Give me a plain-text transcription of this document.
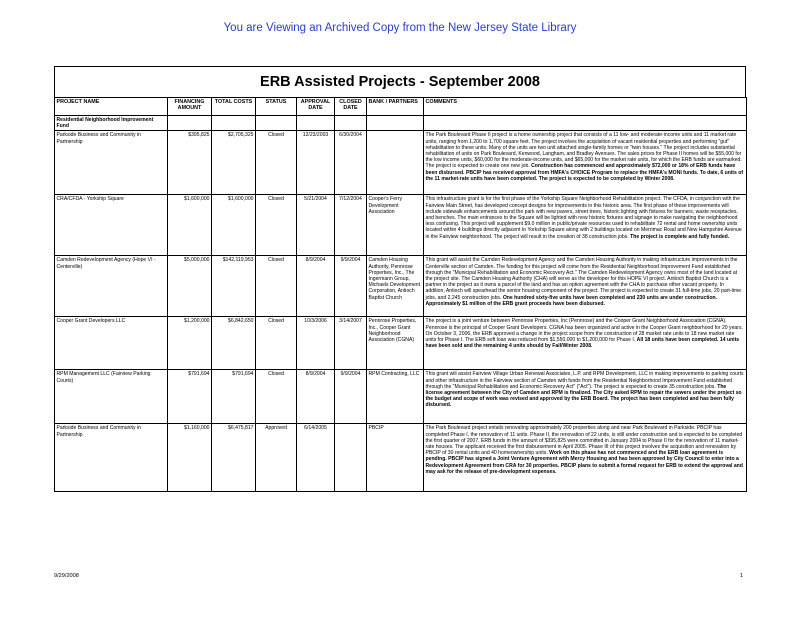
You are Viewing an Archived Copy from the New Jersey State Library
ERB Assisted Projects - September 2008
PROJECT NAME	FINANCING AMOUNT	TOTAL COSTS	STATUS	APPROVAL DATE	CLOSED DATE	BANK / PARTNERS	COMMENTS
Residential Neighborhood Improvement Fund							
Parkside Business and Community in Partnership	$395,825	$2,705,325	Closed	12/23/2003	6/30/2004		The Park Boulevard Phase II project is a home ownership project that consists of a 11 low- and moderate-income units and 11 market rate units, ranging from 1,200 to 1,700 square feet. The project involves the acquisition of vacant residential properties and performing "gut" rehabilitation to these units. Many of the units are two unit attached single-family homes or "twin houses." The project includes substantial rehabilitation of units on Park Boulevard, Kenwood, Langham, and Bradley Avenues. The sales prices for Phase II homes will be $55,000 for the low income units, $60,000 for the moderate-income units, and $65,000 for the market rate units, for which the ERB funds are earmarked. The project is expected to create one new job. Construction has commenced and approximately $72,000 or 18% of ERB funds have been disbursed. PBCIP has received approval from HMFA's CHOICE Program to replace the HMFA's MONI funds. To date, 6 units of the 11 market-rate units have been completed. The project is expected to be completed by Winter 2008.
CRA/CFDA - Yorkship Square	$1,600,000	$1,600,000	Closed	5/21/2004	7/12/2004	Cooper's Ferry Development Association	This infrastructure grant is for the first phase of the Yorkship Square Neighborhood Rehabilitation project. The CFDA, in conjunction with the Fairview Main Street, has developed concept designs for improvements in this historic area. The first phase of these improvements will include sidewalk enhancements around the park with new pavers, street trees, historic lighting with fixtures for banners, waste receptacles, and benches. The main entrances to the Square will be lighted with new historic fixtures and signage to make navigating the neighborhood less confusing. This project will supplement $9.0 million in public/private resources used to rehabilitate 72 rental and home ownership units located within 4 buildings directly adjacent to Yorkship Square along with 2 buildings located on Merrimac Road and New Hampshire Avenue in the Fairview neighborhood. The project will result in the creation of 38 construction jobs. The project is complete and fully funded.
Camden Redevelopment Agency (Hope VI - Centerville)	$5,000,000	$142,119,953	Closed	8/9/2004	9/9/2004	Camden Housing Authority, Pennrose Properties, Inc., The Ingermann Group, Michaels Development Corporation, Antioch Baptist Church	This grant will assist the Camden Redevelopment Agency and the Camden Housing Authority in making infrastructure improvements in the Centerville section of Camden. The funding for this project will come from the Residential Neighborhood Improvement Fund established through the "Municipal Rehabilitation and Economic Recovery Act." The Camden Redevelopment Agency owns most of the land located at the project site. The Camden Housing Authority (CHA) will serve as the developer for this HOPE VI project. Antioch Baptist Church is a partner in the project as it owns a parcel of the land and has an option agreement with the CHA to purchase other vacant property. In addition, Antioch will spearhead the senior housing component of the project. The project is expected to create 31 full-time jobs, 20 part-time jobs, and 2,245 construction jobs. One hundred sixty-five units have been completed and 230 units are under construction. Approximately $1 million of the ERB grant proceeds have been disbursed.
Cooper Grant Developers LLC	$1,200,000	$6,842,650	Closed	10/3/2006	3/14/2007	Pennrose Properties, Inc., Cooper Grant Neighborhood Association (CGNA)	The project is a joint venture between Pennrose Properties, Inc (Pennrose) and the Cooper Grant Neighborhood Association (CGNA). Pennrose is the principal of Cooper Grant Developers. CGNA has been organized and active in the Cooper Grant neighborhood for 20 years. On October 3, 2006, the ERB approved a change in the project scope from the construction of 28 market rate units to 18 new market rate units for Phase I. The ERB soft loan was reduced from $1,550,000 to $1,200,000 for Phase I. All 18 units have been completed. 14 units have been sold and the remaining 4 units should by Fall/Winter 2008.
RPM Management LLC (Fairview Parking Courts)	$791,694	$791,694	Closed	8/9/2004	9/9/2004	RPM Contracting, LLC	This grant will assist Fairview Village Urban Renewal Associates, L.P. and RPM Development, LLC in making improvements to parking courts and other infrastructure in the Fairview section of Camden with funds from the Residential Neighborhood Improvement Fund established through the "Municipal Rehabilitation and Economic Recovery Act" ("Act"). The project is expected to create 35 construction jobs. The license agreement between the City of Camden and RPM is finalized. The City asked RPM to repair the sewers under the project so the budget and scope of work was revised and approved by the ERB Board. The project has been completed and has been fully disbursed.
Parkside Business and Community in Partnership	$1,160,000	$6,475,817	Approved	6/14/2005		PBCIP	The Park Boulevard project entails renovating approximately 200 properties along and near Park Boulevard in Parkside. PBCIP has completed Phase I, the renovation of 11 units. Phase II, the renovation of 22 units, is still under construction and is expected to be completed the first quarter of 2007. ERB funds in the amount of $395,825 were committed in January 2004 to Phase II for the renovation of 11 market-rate houses. The applicant received the first disbursement in April 2005. Phase III of this project involves the acquisition and renovation by PBCIP of 30 rental units and 40 homeownership units. Work on this phase has not commenced and the ERB loan agreement is pending. PBCIP has signed a Joint Venture Agreement with Mercy Housing and has been approved by City Council to enter into a Redevelopment Agreement from CRA for 30 properties. PBCIP plans to submit a formal request for ERB to extend the approval and may ask for the release of pre-development expenses.
9/29/2008	1
